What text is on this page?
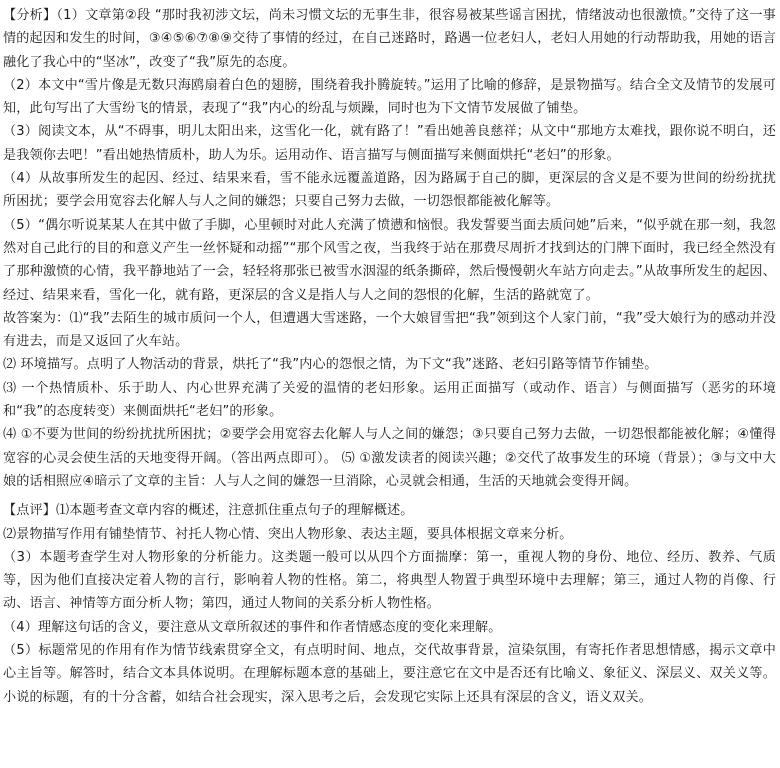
【分析】（1）文章第②段 “那时我初涉文坛，尚未习惯文坛的无事生非，很容易被某些谣言困扰，情绪波动也很激愤。”交待了这一事情的起因和发生的时间，③④⑤⑥⑦⑧⑨交待了事情的经过，在自己迷路时，路遇一位老妇人，老妇人用她的行动帮助我，用她的语言融化了我心中的“坚冰”，改变了“我”原先的态度。

（2）本文中“雪片像是无数只海鸥扇着白色的翅膀，围绕着我扑腾旋转。”运用了比喻的修辞，是景物描写。结合全文及情节的发展可知，此句写出了大雪纷飞的情景，表现了“我”内心的纷乱与烦躁，同时也为下文情节发展做了铺垫。

（3）阅读文本，从“不碍事，明儿太阳出来，这雪化一化，就有路了！”看出她善良慈祥；从文中“那地方太难找，跟你说不明白，还是我领你去吧！”看出她热情质朴，助人为乐。运用动作、语言描写与侧面描写来侧面烘托“老妇”的形象。

（4）从故事所发生的起因、经过、结果来看，雪不能永远覆盖道路，因为路属于自己的脚，更深层的含义是不要为世间的纷纷扰扰所困扰；要学会用宽容去化解人与人之间的嫌怨；只要自己努力去做，一切怨恨都能被化解等。

（5）“偶尔听说某某人在其中做了手脚，心里顿时对此人充满了愤懑和恼恨。我发誓要当面去质问她”后来，“似乎就在那一刻，我忽然对自己此行的目的和意义产生一丝怀疑和动摇”“那个风雪之夜，当我终于站在那费尽周折才找到达的门牌下面时，我已经全然没有了那种激愤的心情，我平静地站了一会，轻轻将那张已被雪水洇湿的纸条撕碎，然后慢慢朝火车站方向走去。”从故事所发生的起因、经过、结果来看，雪化一化，就有路，更深层的含义是指人与人之间的怨恨的化解，生活的路就宽了。

故答案为：⑴“我”去陌生的城市质问一个人，但遭遇大雪迷路，一个大娘冒雪把“我”领到这个人家门前，“我”受大娘行为的感动并没有进去，而是又返回了火车站。

⑵ 环境描写。点明了人物活动的背景，烘托了“我”内心的怨恨之情，为下文“我”迷路、老妇引路等情节作铺垫。

⑶ 一个热情质朴、乐于助人、内心世界充满了关爱的温情的老妇形象。运用正面描写（或动作、语言）与侧面描写（恶劣的环境和“我”的态度转变）来侧面烘托“老妇”的形象。

⑷ ①不要为世间的纷纷扰扰所困扰；②要学会用宽容去化解人与人之间的嫌怨；③只要自己努力去做，一切怨恨都能被化解；④懂得宽容的心灵会使生活的天地变得开阔。（答出两点即可）。 ⑸ ①激发读者的阅读兴趣；②交代了故事发生的环境（背景）；③与文中大娘的话相照应④暗示了文章的主旨：人与人之间的嫌怨一旦消除，心灵就会相通，生活的天地就会变得开阔。

【点评】⑴本题考查文章内容的概述，注意抓住重点句子的理解概述。

⑵景物描写作用有铺垫情节、衬托人物心情、突出人物形象、表达主题，要具体根据文章来分析。

（3）本题考查学生对人物形象的分析能力。这类题一般可以从四个方面揣摩：第一，重视人物的身份、地位、经历、教养、气质等，因为他们直接决定着人物的言行，影响着人物的性格。第二，将典型人物置于典型环境中去理解；第三，通过人物的肖像、行动、语言、神情等方面分析人物；第四，通过人物间的关系分析人物性格。

（4）理解这句话的含义，要注意从文章所叙述的事件和作者情感态度的变化来理解。

（5）标题常见的作用有作为情节线索贯穿全文，有点明时间、地点，交代故事背景，渲染氛围，有寄托作者思想情感，揭示文章中心主旨等。解答时，结合文本具体说明。在理解标题本意的基础上，要注意它在文中是否还有比喻义、象征义、深层义、双关义等。小说的标题，有的十分含蓄，如结合社会现实，深入思考之后，会发现它实际上还具有深层的含义，语义双关。
